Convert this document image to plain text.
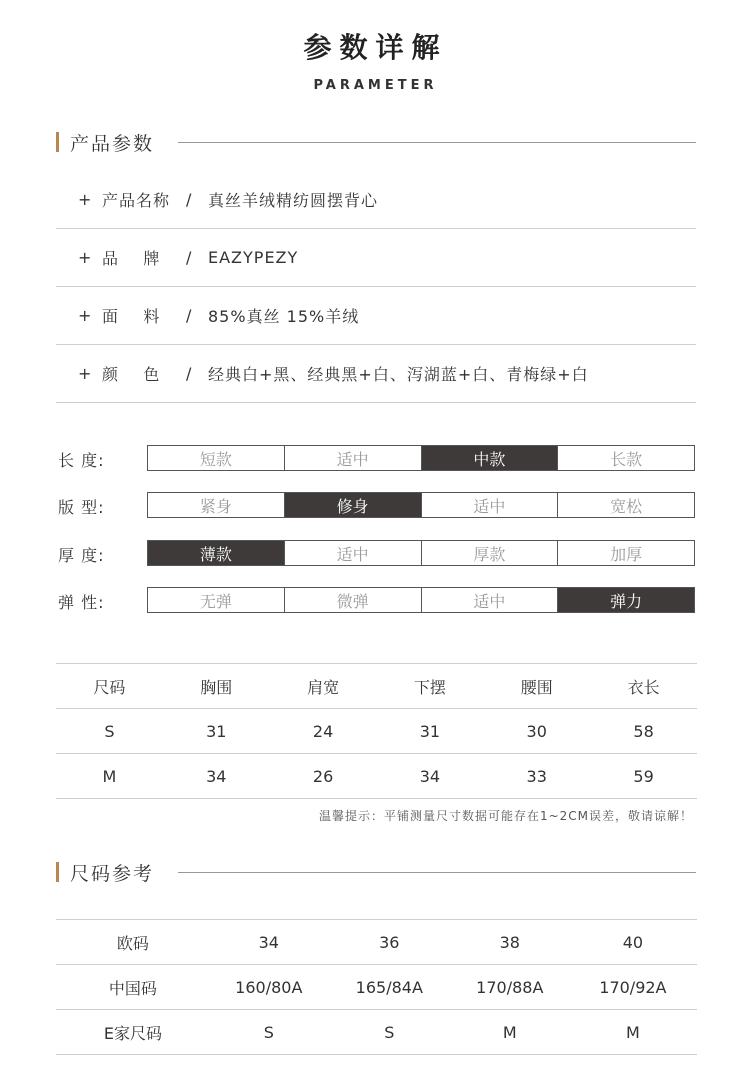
参数详解
PARAMETER
产品参数
+ 产品名称 /	真丝羊绒精纺圆摆背心
+ 品    牌	/	EAZYPEZY
+ 面    料	/	85%真丝 15%羊绒
+ 颜    色	/	经典白+黑、经典黑+白、泻湖蓝+白、青梅绿+白
长 度:	短款	适中	中款	长款
版 型:	紧身	修身	适中	宽松
厚 度:	薄款	适中	厚款	加厚
弹 性:	无弹	微弹	适中	弹力
尺码	胸围	肩宽	下摆	腰围	衣长
S	31	24	31	30	58
M	34	26	34	33	59
温馨提示：平铺测量尺寸数据可能存在1~2CM误差，敬请谅解！
尺码参考
欧码	34	36	38	40
中国码	160/80A	165/84A	170/88A	170/92A
E家尺码	S	S	M	M
